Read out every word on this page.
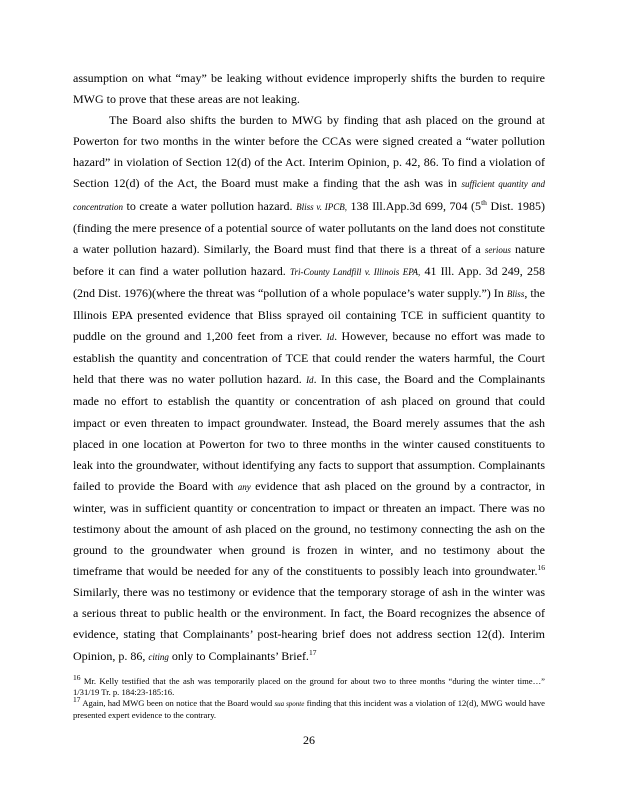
assumption on what “may” be leaking without evidence improperly shifts the burden to require MWG to prove that these areas are not leaking.

The Board also shifts the burden to MWG by finding that ash placed on the ground at Powerton for two months in the winter before the CCAs were signed created a “water pollution hazard” in violation of Section 12(d) of the Act. Interim Opinion, p. 42, 86. To find a violation of Section 12(d) of the Act, the Board must make a finding that the ash was in sufficient quantity and concentration to create a water pollution hazard. Bliss v. IPCB, 138 Ill.App.3d 699, 704 (5th Dist. 1985)(finding the mere presence of a potential source of water pollutants on the land does not constitute a water pollution hazard). Similarly, the Board must find that there is a threat of a serious nature before it can find a water pollution hazard. Tri-County Landfill v. Illinois EPA, 41 Ill. App. 3d 249, 258 (2nd Dist. 1976)(where the threat was “pollution of a whole populace’s water supply.”) In Bliss, the Illinois EPA presented evidence that Bliss sprayed oil containing TCE in sufficient quantity to puddle on the ground and 1,200 feet from a river. Id. However, because no effort was made to establish the quantity and concentration of TCE that could render the waters harmful, the Court held that there was no water pollution hazard. Id. In this case, the Board and the Complainants made no effort to establish the quantity or concentration of ash placed on ground that could impact or even threaten to impact groundwater. Instead, the Board merely assumes that the ash placed in one location at Powerton for two to three months in the winter caused constituents to leak into the groundwater, without identifying any facts to support that assumption. Complainants failed to provide the Board with any evidence that ash placed on the ground by a contractor, in winter, was in sufficient quantity or concentration to impact or threaten an impact. There was no testimony about the amount of ash placed on the ground, no testimony connecting the ash on the ground to the groundwater when ground is frozen in winter, and no testimony about the timeframe that would be needed for any of the constituents to possibly leach into groundwater.$^{16}$ Similarly, there was no testimony or evidence that the temporary storage of ash in the winter was a serious threat to public health or the environment. In fact, the Board recognizes the absence of evidence, stating that Complainants’ post-hearing brief does not address section 12(d). Interim Opinion, p. 86, citing only to Complainants’ Brief.$^{17}$

16 Mr. Kelly testified that the ash was temporarily placed on the ground for about two to three months “during the winter time…” 1/31/19 Tr. p. 184:23-185:16.

17 Again, had MWG been on notice that the Board would sua sponte finding that this incident was a violation of 12(d), MWG would have presented expert evidence to the contrary.

26
